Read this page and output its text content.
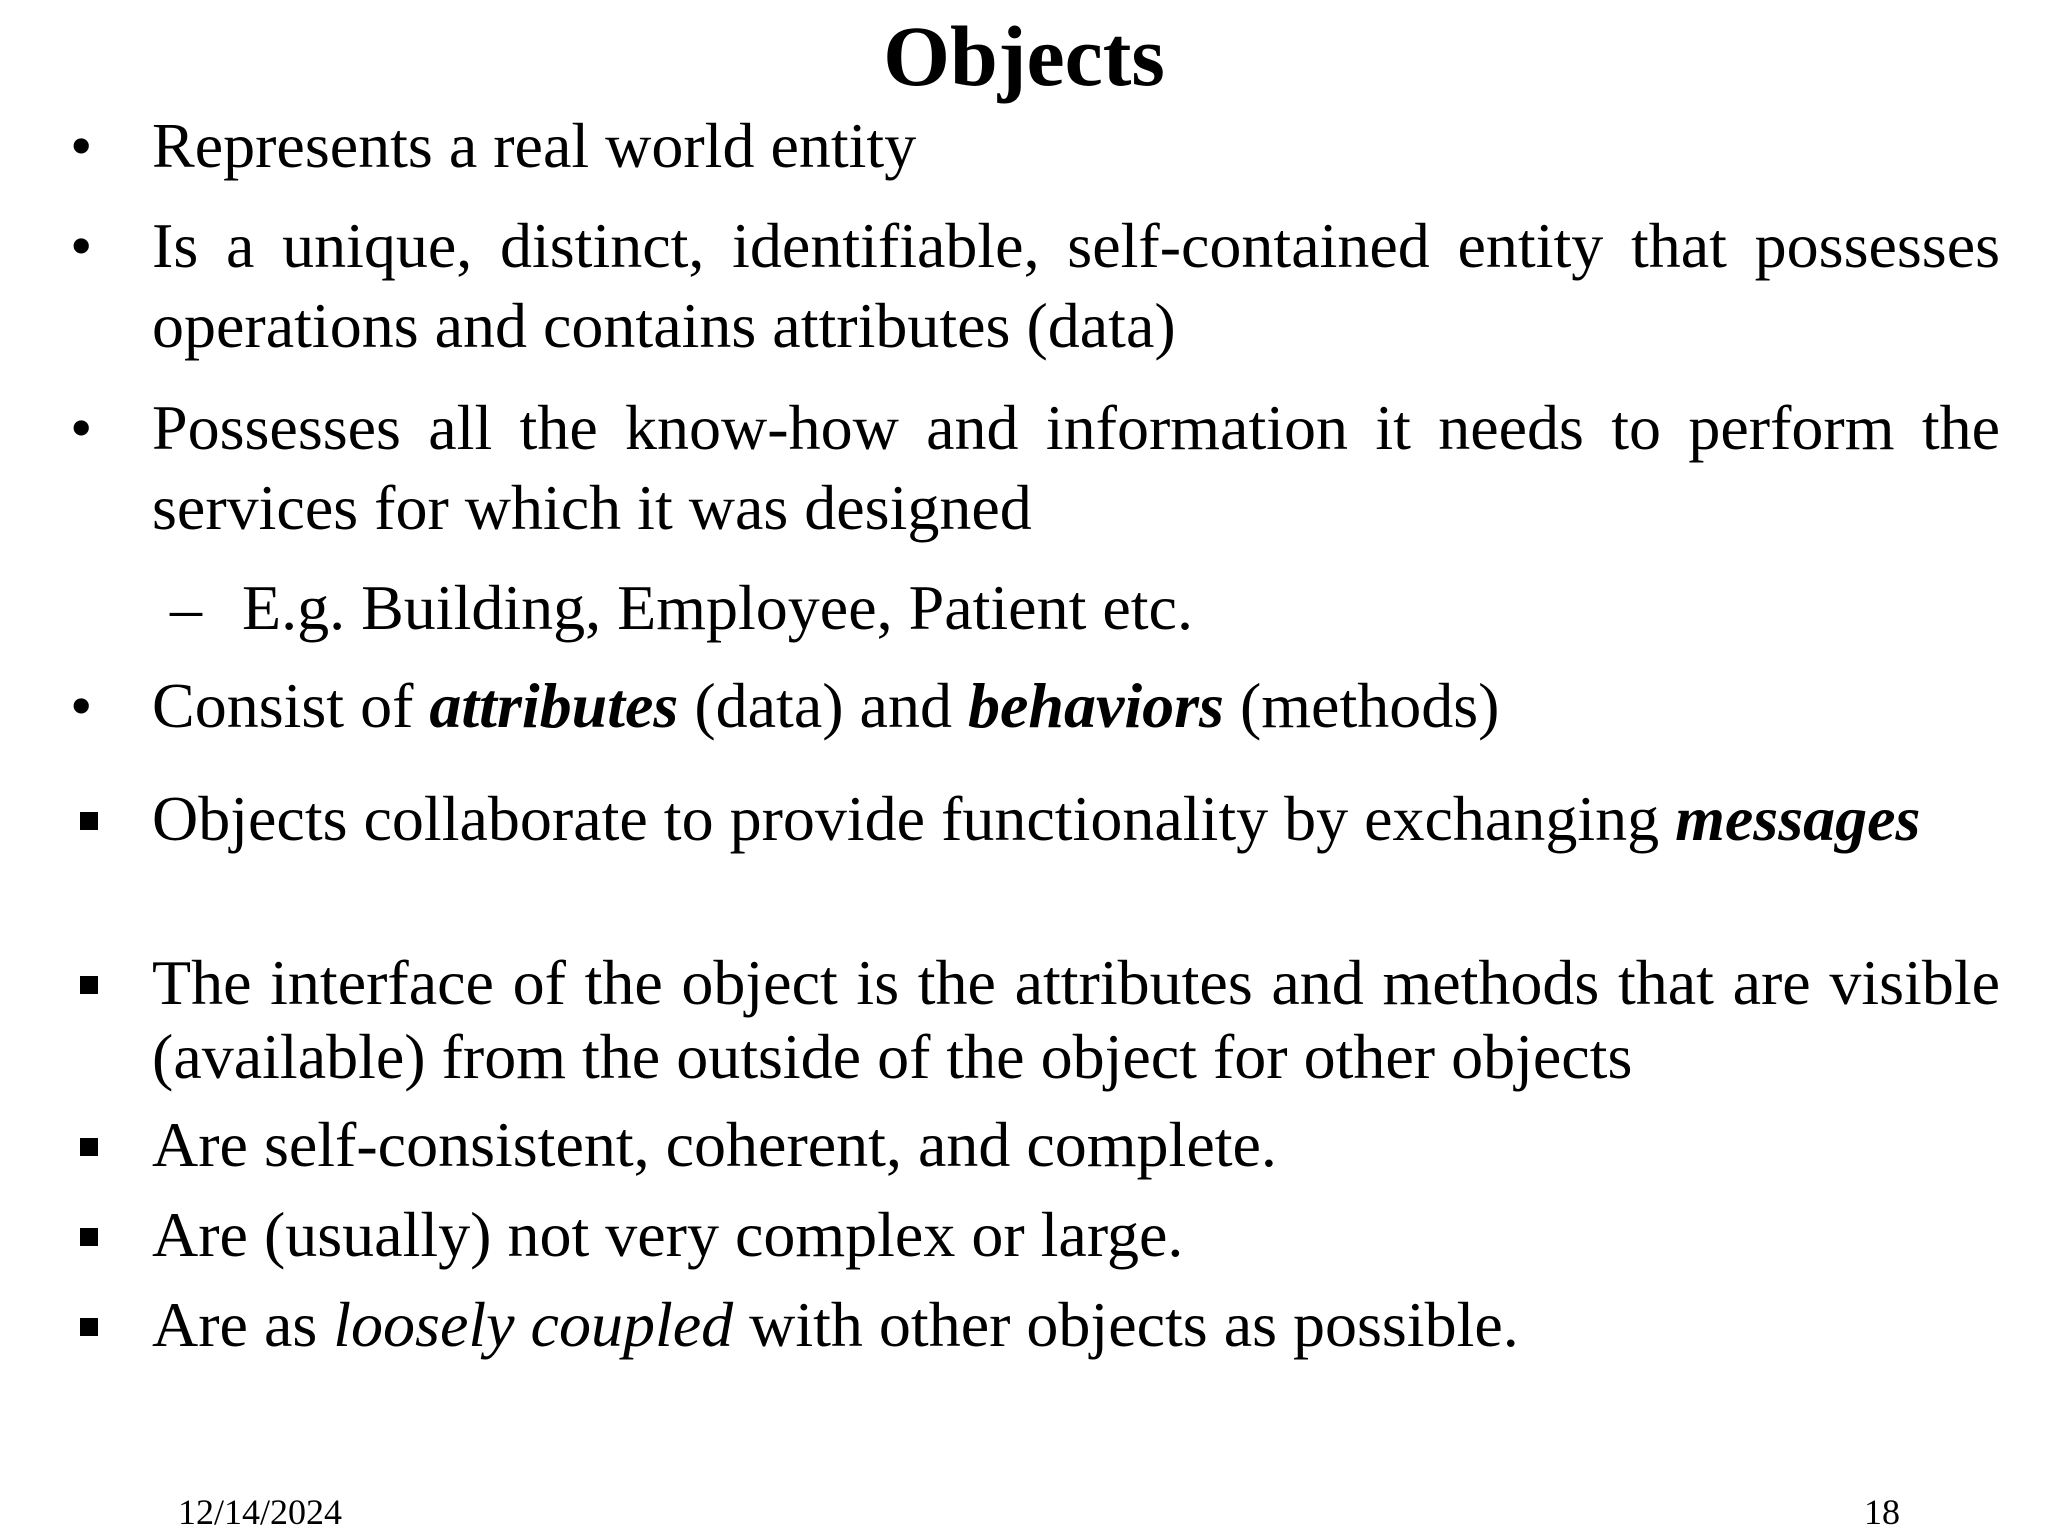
Objects
• Represents a real world entity
• Is a unique, distinct, identifiable, self-contained entity that possesses operations and contains attributes (data)
• Possesses all the know-how and information it needs to perform the services for which it was designed
– E.g. Building, Employee, Patient etc.
• Consist of attributes (data) and behaviors (methods)
Objects collaborate to provide functionality by exchanging messages
The interface of the object is the attributes and methods that are visible (available) from the outside of the object for other objects
Are self-consistent, coherent, and complete.
Are (usually) not very complex or large.
Are as loosely coupled with other objects as possible.
12/14/2024	18
